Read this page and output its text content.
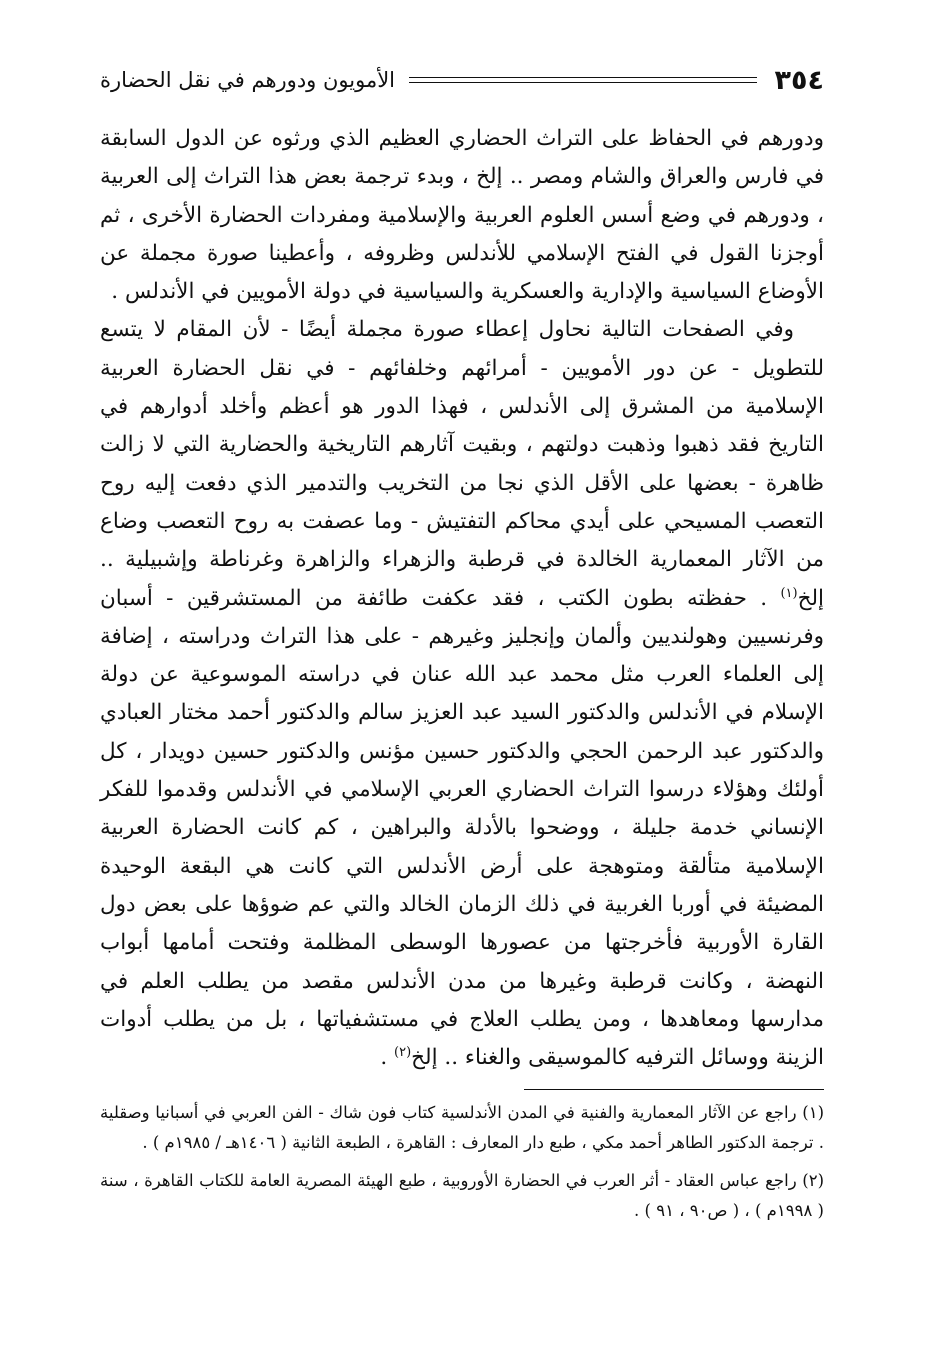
٣٥٤
الأمويون ودورهم في نقل الحضارة

ودورهم في الحفاظ على التراث الحضاري العظيم الذي ورثوه عن الدول السابقة في فارس والعراق والشام ومصر .. إلخ ، وبدء ترجمة بعض هذا التراث إلى العربية ، ودورهم في وضع أسس العلوم العربية والإسلامية ومفردات الحضارة الأخرى ، ثم أوجزنا القول في الفتح الإسلامي للأندلس وظروفه ، وأعطينا صورة مجملة عن الأوضاع السياسية والإدارية والعسكرية والسياسية في دولة الأمويين في الأندلس .

وفي الصفحات التالية نحاول إعطاء صورة مجملة أيضًا - لأن المقام لا يتسع للتطويل - عن دور الأمويين - أمرائهم وخلفائهم - في نقل الحضارة العربية الإسلامية من المشرق إلى الأندلس ، فهذا الدور هو أعظم وأخلد أدوارهم في التاريخ فقد ذهبوا وذهبت دولتهم ، وبقيت آثارهم التاريخية والحضارية التي لا زالت ظاهرة - بعضها على الأقل الذي نجا من التخريب والتدمير الذي دفعت إليه روح التعصب المسيحي على أيدي محاكم التفتيش - وما عصفت به روح التعصب وضاع من الآثار المعمارية الخالدة في قرطبة والزهراء والزاهرة وغرناطة وإشبيلية .. إلخ$^{(١)}$ . حفظته بطون الكتب ، فقد عكفت طائفة من المستشرقين - أسبان وفرنسيين وهولنديين وألمان وإنجليز وغيرهم - على هذا التراث ودراسته ، إضافة إلى العلماء العرب مثل محمد عبد الله عنان في دراسته الموسوعية عن دولة الإسلام في الأندلس والدكتور السيد عبد العزيز سالم والدكتور أحمد مختار العبادي والدكتور عبد الرحمن الحجي والدكتور حسين مؤنس والدكتور حسين دويدار ، كل أولئك وهؤلاء درسوا التراث الحضاري العربي الإسلامي في الأندلس وقدموا للفكر الإنساني خدمة جليلة ، ووضحوا بالأدلة والبراهين ، كم كانت الحضارة العربية الإسلامية متألقة ومتوهجة على أرض الأندلس التي كانت هي البقعة الوحيدة المضيئة في أوربا الغربية في ذلك الزمان الخالد والتي عم ضوؤها على بعض دول القارة الأوربية فأخرجتها من عصورها الوسطى المظلمة وفتحت أمامها أبواب النهضة ، وكانت قرطبة وغيرها من مدن الأندلس مقصد من يطلب العلم في مدارسها ومعاهدها ، ومن يطلب العلاج في مستشفياتها ، بل من يطلب أدوات الزينة ووسائل الترفيه كالموسيقى والغناء .. إلخ$^{(٢)}$ .

(١) راجع عن الآثار المعمارية والفنية في المدن الأندلسية كتاب فون شاك - الفن العربي في أسبانيا وصقلية . ترجمة الدكتور الطاهر أحمد مكي ، طبع دار المعارف : القاهرة ، الطبعة الثانية ( ١٤٠٦هـ / ١٩٨٥م ) .

(٢) راجع عباس العقاد - أثر العرب في الحضارة الأوروبية ، طبع الهيئة المصرية العامة للكتاب القاهرة ، سنة ( ١٩٩٨م ) ، ( ص٩٠ ، ٩١ ) .
